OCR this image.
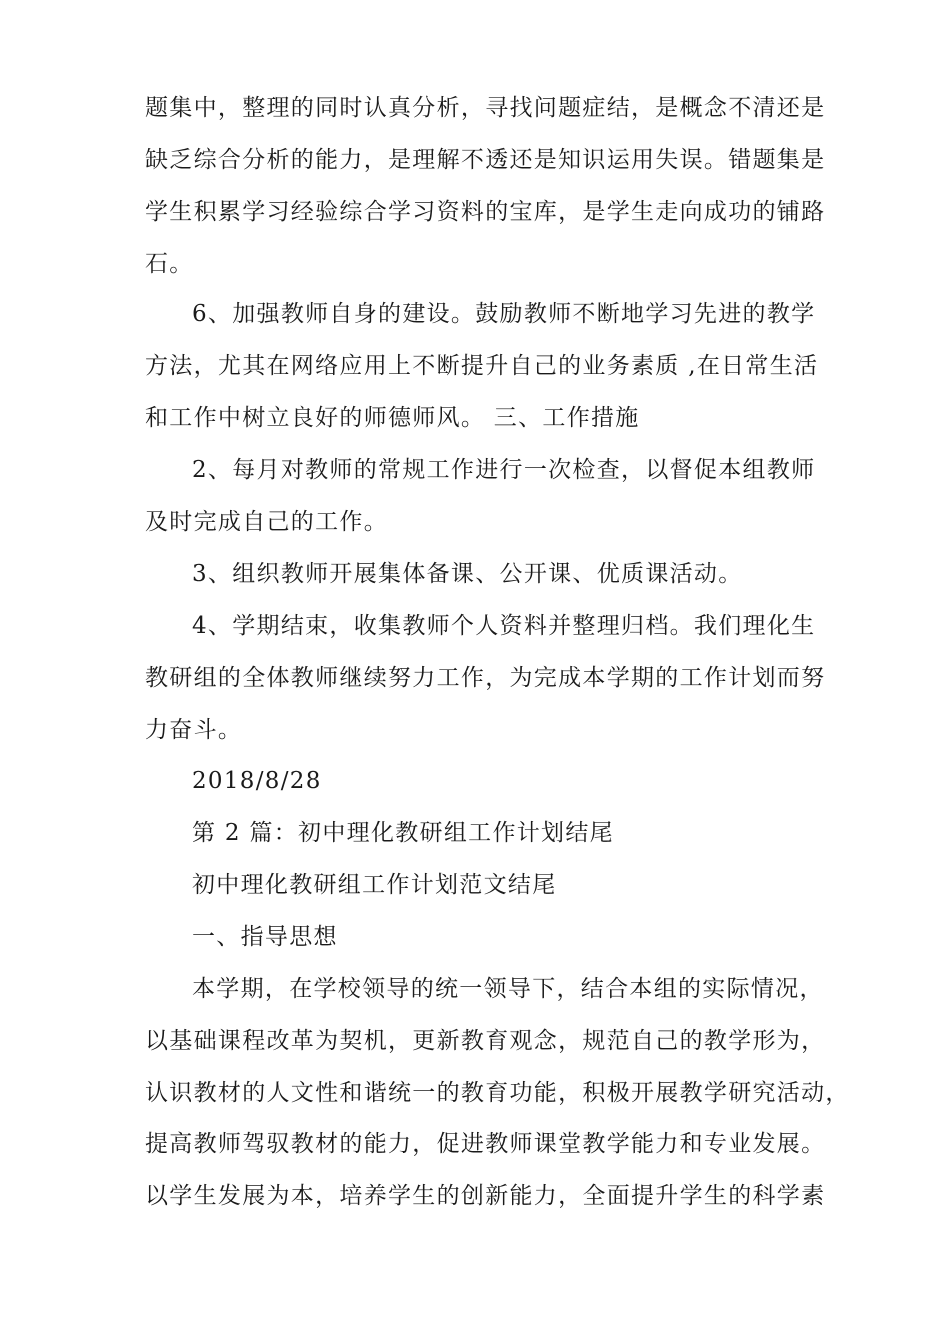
题集中，整理的同时认真分析，寻找问题症结，是概念不清还是
缺乏综合分析的能力，是理解不透还是知识运用失误。错题集是
学生积累学习经验综合学习资料的宝库，是学生走向成功的铺路
石。
6、加强教师自身的建设。鼓励教师不断地学习先进的教学
方法，尤其在网络应用上不断提升自己的业务素质 ,在日常生活
和工作中树立良好的师德师风。 三、工作措施
2、每月对教师的常规工作进行一次检查，以督促本组教师
及时完成自己的工作。
3、组织教师开展集体备课、公开课、优质课活动。
4、学期结束，收集教师个人资料并整理归档。我们理化生
教研组的全体教师继续努力工作，为完成本学期的工作计划而努
力奋斗。
2018/8/28
第 2 篇：初中理化教研组工作计划结尾
初中理化教研组工作计划范文结尾
一、指导思想
本学期，在学校领导的统一领导下，结合本组的实际情况，
以基础课程改革为契机，更新教育观念，规范自己的教学形为，
认识教材的人文性和谐统一的教育功能，积极开展教学研究活动，
提高教师驾驭教材的能力，促进教师课堂教学能力和专业发展。
以学生发展为本，培养学生的创新能力，全面提升学生的科学素
